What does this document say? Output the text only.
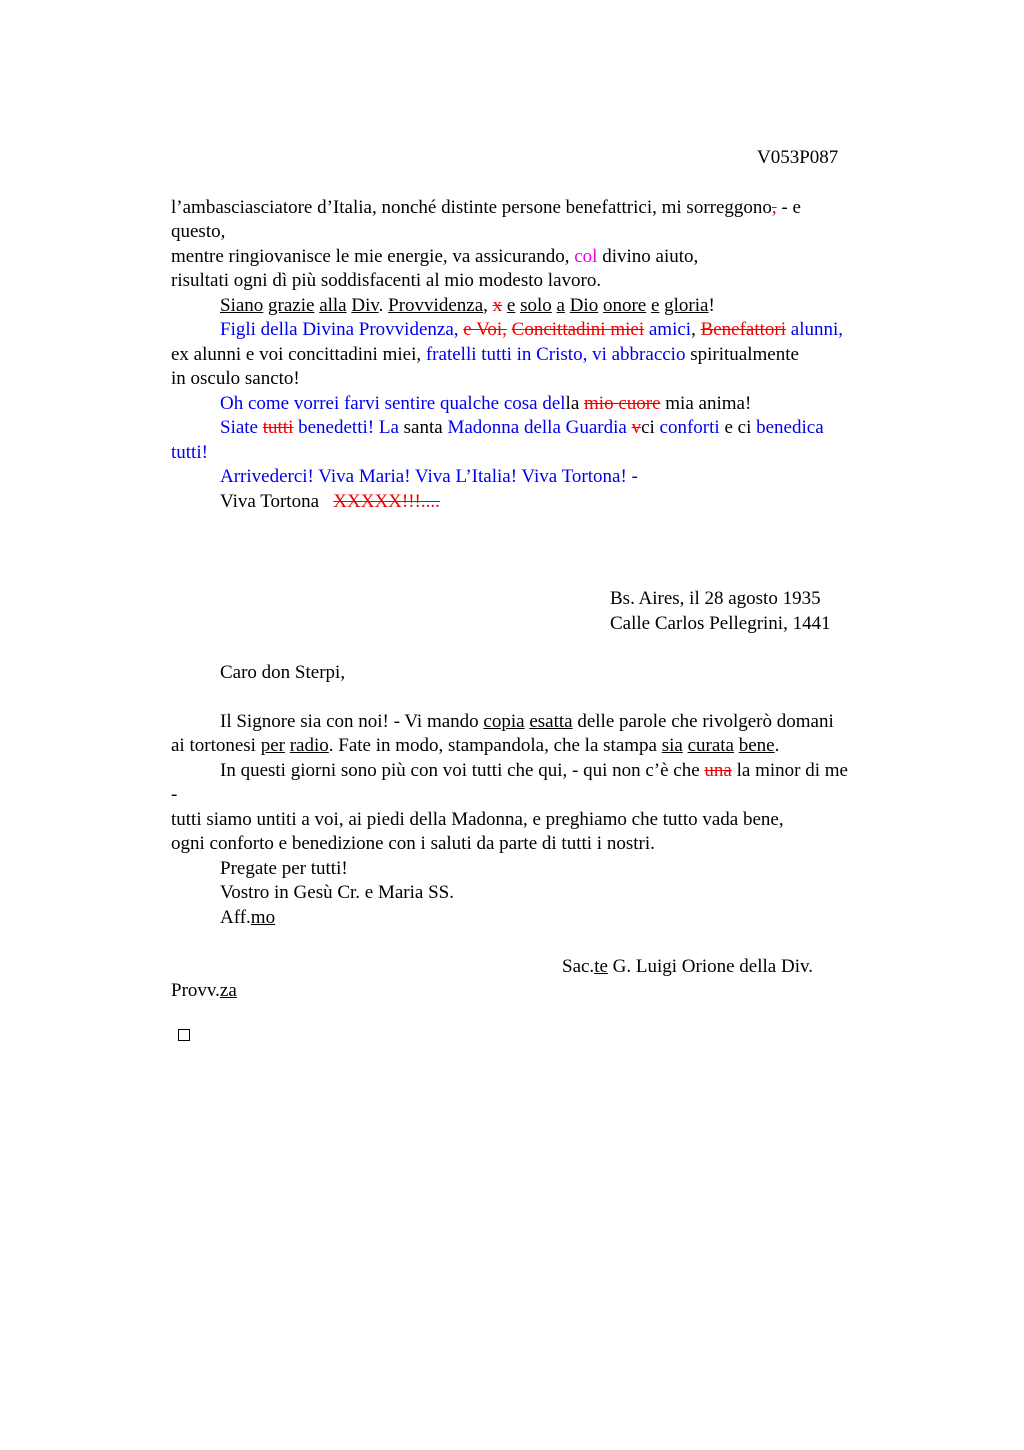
V053P087
l’ambasciasciatore d’Italia, nonché distinte persone benefattrici, mi sorreggono, - e
questo,
mentre ringiovanisce le mie energie, va assicurando, col divino aiuto,
risultati ogni dì più soddisfacenti al mio modesto lavoro.
Siano grazie alla Div. Provvidenza, x e solo a Dio onore e gloria!
Figli della Divina Provvidenza, e Voi, Concittadini miei amici, Benefattori alunni,
ex alunni e voi concittadini miei, fratelli tutti in Cristo, vi abbraccio spiritualmente
in osculo sancto!
Oh come vorrei farvi sentire qualche cosa della mio cuore mia anima!
Siate tutti benedetti! La santa Madonna della Guardia vci conforti e ci benedica
tutti!
Arrivederci! Viva Maria! Viva L’Italia! Viva Tortona! -
Viva Tortona   XXXXX!!!....
Bs. Aires, il 28 agosto 1935
Calle Carlos Pellegrini, 1441
Caro don Sterpi,
Il Signore sia con noi! - Vi mando copia esatta delle parole che rivolgerò domani
ai tortonesi per radio. Fate in modo, stampandola, che la stampa sia curata bene.
In questi giorni sono più con voi tutti che qui, - qui non c’è che una la minor di me
-
tutti siamo untiti a voi, ai piedi della Madonna, e preghiamo che tutto vada bene,
ogni conforto e benedizione con i saluti da parte di tutti i nostri.
Pregate per tutti!
Vostro in Gesù Cr. e Maria SS.
Aff.mo
Sac.te G. Luigi Orione della Div.
Provv.za
